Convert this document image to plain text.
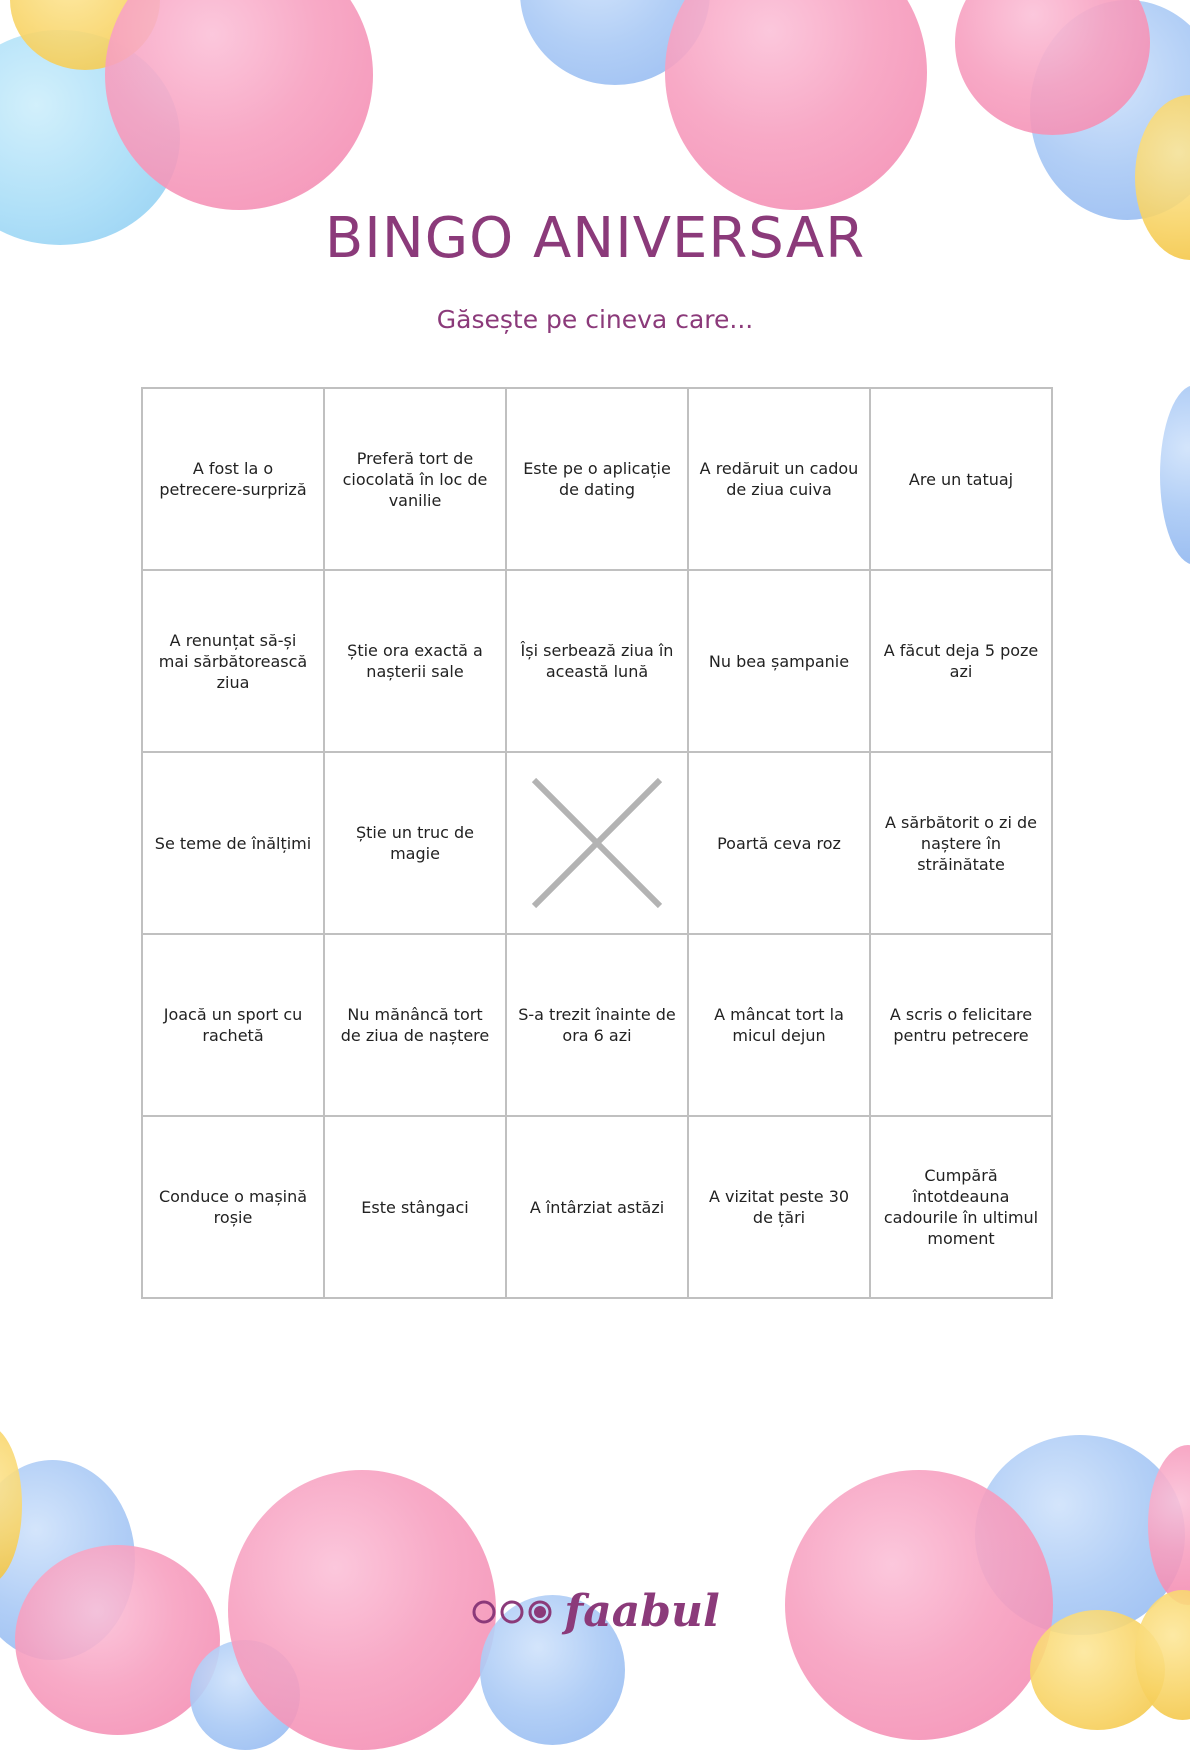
BINGO ANIVERSAR
Găsește pe cineva care...
A fost la o petrecere-surpriză
Preferă tort de ciocolată în loc de vanilie
Este pe o aplicație de dating
A redăruit un cadou de ziua cuiva
Are un tatuaj
A renunțat să-și mai sărbătorească ziua
Știe ora exactă a nașterii sale
Își serbează ziua în această lună
Nu bea șampanie
A făcut deja 5 poze azi
Se teme de înălțimi
Știe un truc de magie
Poartă ceva roz
A sărbătorit o zi de naștere în străinătate
Joacă un sport cu rachetă
Nu mănâncă tort de ziua de naștere
S-a trezit înainte de ora 6 azi
A mâncat tort la micul dejun
A scris o felicitare pentru petrecere
Conduce o mașină roșie
Este stângaci	A întârziat astăzi
A vizitat peste 30 de țări
Cumpără întotdeauna cadourile în ultimul moment
faabul
